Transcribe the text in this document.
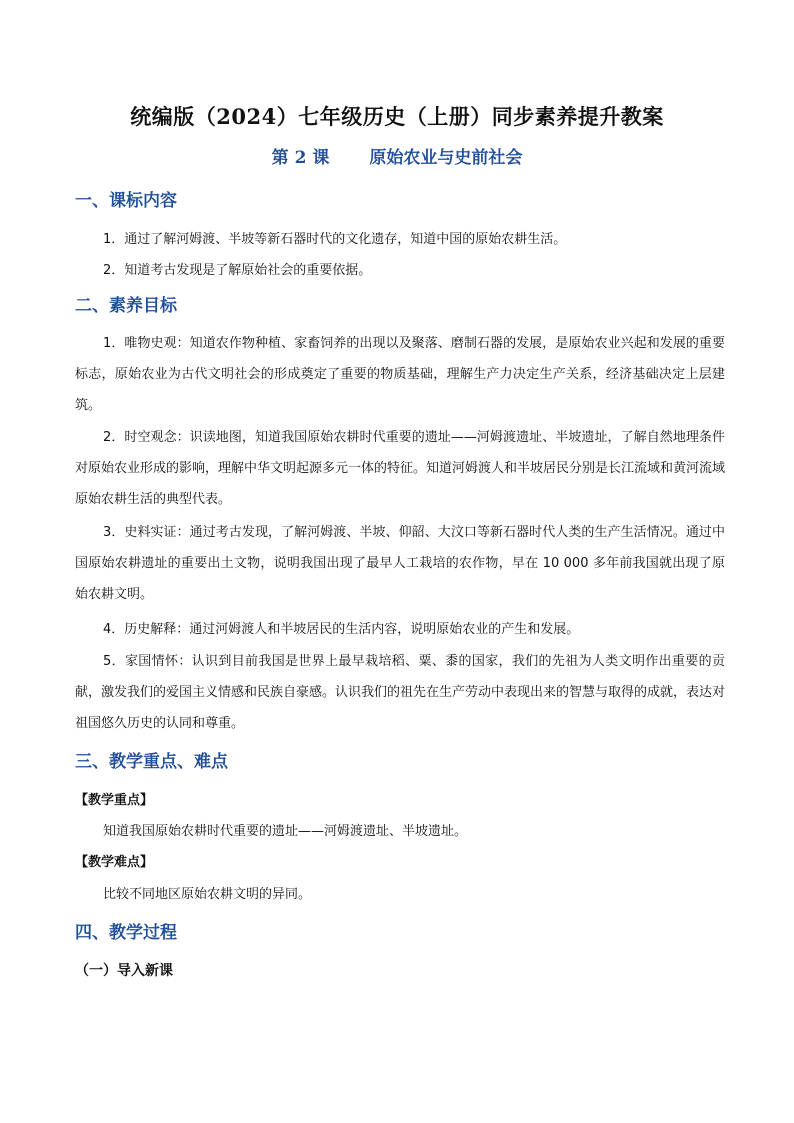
统编版（2024）七年级历史（上册）同步素养提升教案
第 2 课 原始农业与史前社会
一、课标内容
1．通过了解河姆渡、半坡等新石器时代的文化遗存，知道中国的原始农耕生活。
2．知道考古发现是了解原始社会的重要依据。
二、素养目标
1．唯物史观：知道农作物种植、家畜饲养的出现以及聚落、磨制石器的发展，是原始农业兴起和发展的重要标志，原始农业为古代文明社会的形成奠定了重要的物质基础，理解生产力决定生产关系，经济基础决定上层建筑。
2．时空观念：识读地图，知道我国原始农耕时代重要的遗址——河姆渡遗址、半坡遗址，了解自然地理条件对原始农业形成的影响，理解中华文明起源多元一体的特征。知道河姆渡人和半坡居民分别是长江流域和黄河流域原始农耕生活的典型代表。
3．史料实证：通过考古发现，了解河姆渡、半坡、仰韶、大汶口等新石器时代人类的生产生活情况。通过中国原始农耕遗址的重要出土文物，说明我国出现了最早人工栽培的农作物，早在 10 000 多年前我国就出现了原始农耕文明。
4．历史解释：通过河姆渡人和半坡居民的生活内容，说明原始农业的产生和发展。
5．家国情怀：认识到目前我国是世界上最早栽培稻、粟、黍的国家，我们的先祖为人类文明作出重要的贡献，激发我们的爱国主义情感和民族自豪感。认识我们的祖先在生产劳动中表现出来的智慧与取得的成就，表达对祖国悠久历史的认同和尊重。
三、教学重点、难点
【教学重点】
知道我国原始农耕时代重要的遗址——河姆渡遗址、半坡遗址。
【教学难点】
比较不同地区原始农耕文明的异同。
四、教学过程
（一）导入新课
